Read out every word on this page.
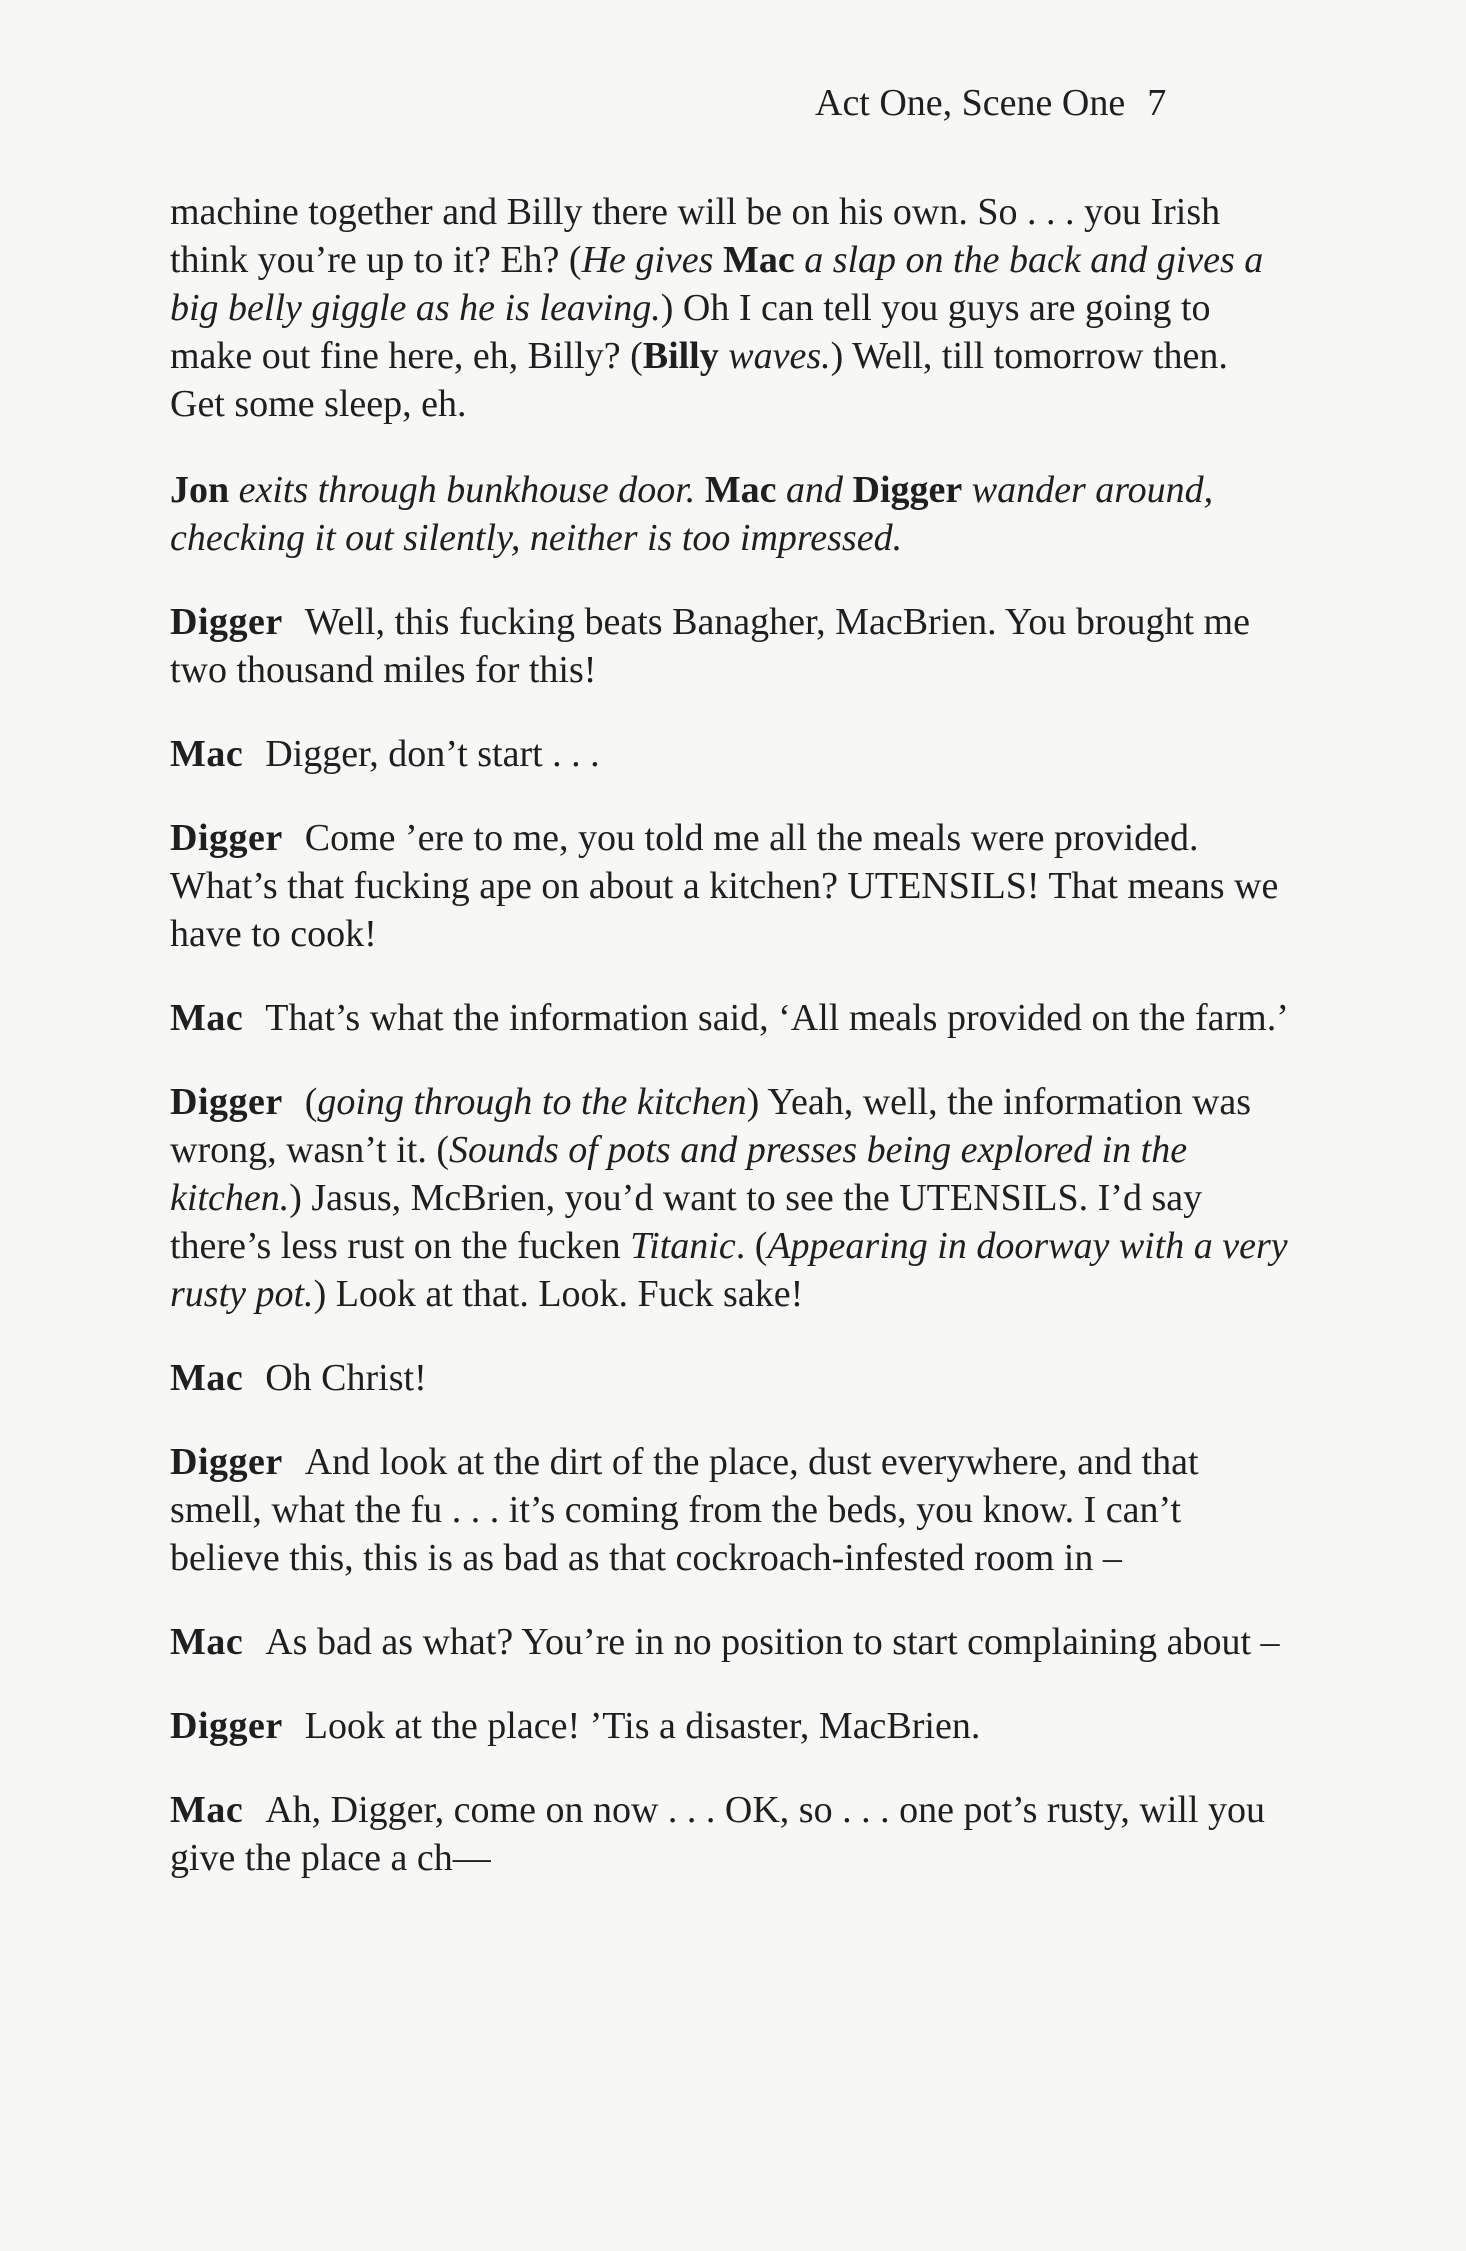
Act One, Scene One 7

machine together and Billy there will be on his own. So . . . you Irish think you’re up to it? Eh? (He gives Mac a slap on the back and gives a big belly giggle as he is leaving.) Oh I can tell you guys are going to make out fine here, eh, Billy? (Billy waves.) Well, till tomorrow then. Get some sleep, eh.

Jon exits through bunkhouse door. Mac and Digger wander around, checking it out silently, neither is too impressed.

Digger Well, this fucking beats Banagher, MacBrien. You brought me two thousand miles for this!

Mac Digger, don’t start . . .

Digger Come ’ere to me, you told me all the meals were provided. What’s that fucking ape on about a kitchen? UTENSILS! That means we have to cook!

Mac That’s what the information said, ‘All meals provided on the farm.’

Digger (going through to the kitchen) Yeah, well, the information was wrong, wasn’t it. (Sounds of pots and presses being explored in the kitchen.) Jasus, McBrien, you’d want to see the UTENSILS. I’d say there’s less rust on the fucken Titanic. (Appearing in doorway with a very rusty pot.) Look at that. Look. Fuck sake!

Mac Oh Christ!

Digger And look at the dirt of the place, dust everywhere, and that smell, what the fu . . . it’s coming from the beds, you know. I can’t believe this, this is as bad as that cockroach-infested room in –

Mac As bad as what? You’re in no position to start complaining about –

Digger Look at the place! ’Tis a disaster, MacBrien.

Mac Ah, Digger, come on now . . . OK, so . . . one pot’s rusty, will you give the place a ch—
